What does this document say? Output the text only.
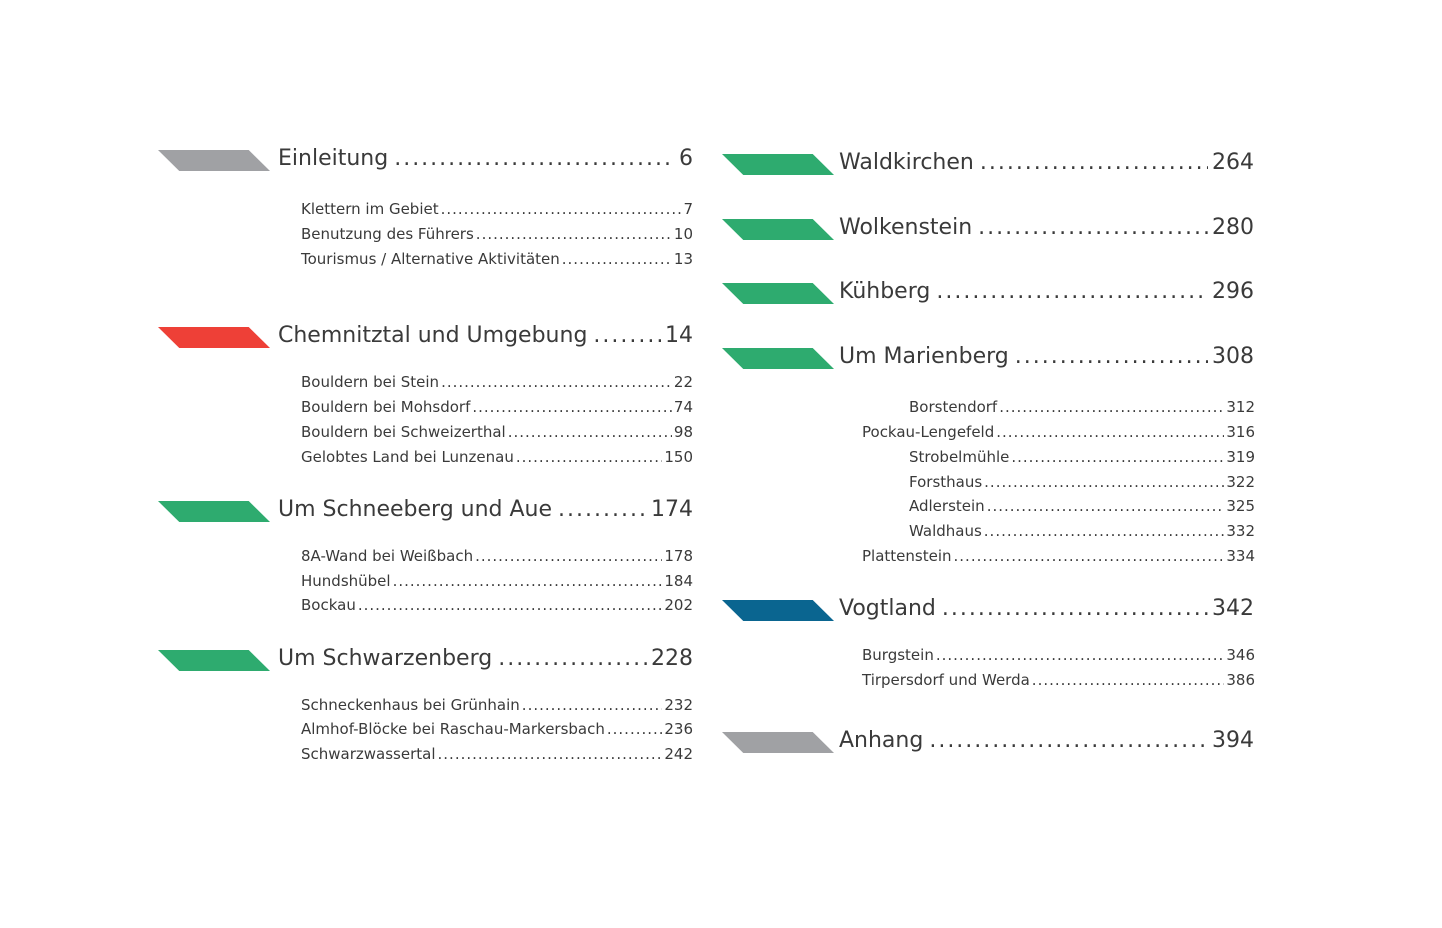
Einleitung .....	6
Klettern im Gebiet .....	7
Benutzung des Führers .....	10
Tourismus / Alternative Aktivitäten .....	13
Chemnitztal und Umgebung .....	14
Bouldern bei Stein .....	22
Bouldern bei Mohsdorf .....	74
Bouldern bei Schweizerthal .....	98
Gelobtes Land bei Lunzenau .....	150
Um Schneeberg und Aue .....	174
8A-Wand bei Weißbach .....	178
Hundshübel .....	184
Bockau .....	202
Um Schwarzenberg .....	228
Schneckenhaus bei Grünhain .....	232
Almhof-Blöcke bei Raschau-Markersbach .....	236
Schwarzwassertal .....	242
Waldkirchen .....	264
Wolkenstein .....	280
Kühberg .....	296
Um Marienberg .....	308
Borstendorf .....	312
Pockau-Lengefeld .....	316
Strobelmühle .....	319
Forsthaus .....	322
Adlerstein .....	325
Waldhaus .....	332
Plattenstein .....	334
Vogtland .....	342
Burgstein .....	346
Tirpersdorf und Werda .....	386
Anhang .....	394
